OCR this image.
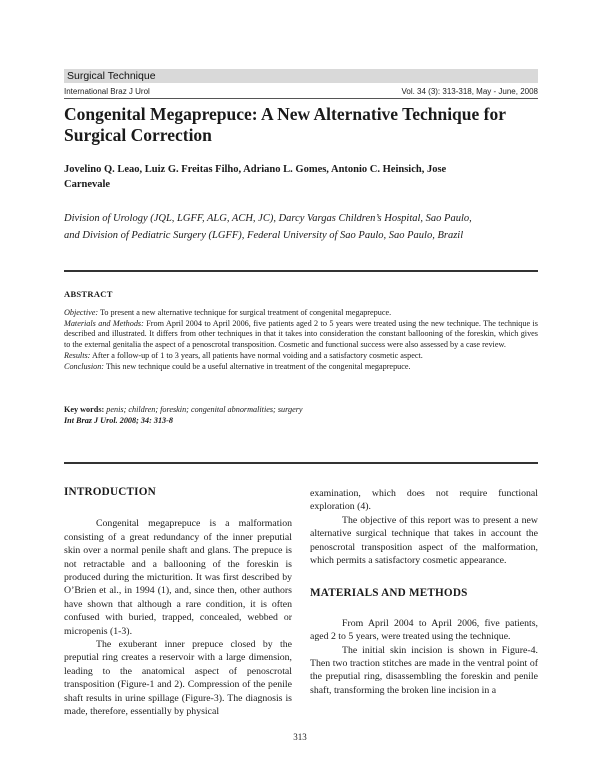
Surgical Technique
International Braz J Urol	Vol. 34 (3): 313-318, May - June, 2008
Congenital Megaprepuce: A New Alternative Technique for
Surgical Correction
Jovelino Q. Leao, Luiz G. Freitas Filho, Adriano L. Gomes, Antonio C. Heinsich, Jose
Carnevale
Division of Urology (JQL, LGFF, ALG, ACH, JC), Darcy Vargas Children’s Hospital, Sao Paulo,
and Division of Pediatric Surgery (LGFF), Federal University of Sao Paulo, Sao Paulo, Brazil
ABSTRACT

Objective: To present a new alternative technique for surgical treatment of congenital megaprepuce.

Materials and Methods: From April 2004 to April 2006, five patients aged 2 to 5 years were treated using the new technique. The technique is described and illustrated. It differs from other techniques in that it takes into consideration the constant ballooning of the foreskin, which gives to the external genitalia the aspect of a penoscrotal transposition. Cosmetic and functional success were also assessed by a case review.

Results: After a follow-up of 1 to 3 years, all patients have normal voiding and a satisfactory cosmetic aspect.

Conclusion: This new technique could be a useful alternative in treatment of the congenital megaprepuce.

Key words: penis; children; foreskin; congenital abnormalities; surgery

Int Braz J Urol. 2008; 34: 313-8

INTRODUCTION

Congenital megaprepuce is a malformation consisting of a great redundancy of the inner preputial skin over a normal penile shaft and glans. The prepuce is not retractable and a ballooning of the foreskin is produced during the micturition. It was first described by O’Brien et al., in 1994 (1), and, since then, other authors have shown that although a rare condition, it is often confused with buried, trapped, concealed, webbed or micropenis (1-3).

The exuberant inner prepuce closed by the preputial ring creates a reservoir with a large dimension, leading to the anatomical aspect of penoscrotal transposition (Figure-1 and 2). Compression of the penile shaft results in urine spillage (Figure-3). The diagnosis is made, therefore, essentially by physical

examination, which does not require functional exploration (4).

The objective of this report was to present a new alternative surgical technique that takes in account the penoscrotal transposition aspect of the malformation, which permits a satisfactory cosmetic appearance.

MATERIALS AND METHODS

From April 2004 to April 2006, five patients, aged 2 to 5 years, were treated using the technique.

The initial skin incision is shown in Figure-4. Then two traction stitches are made in the ventral point of the preputial ring, disassembling the foreskin and penile shaft, transforming the broken line incision in a

313
